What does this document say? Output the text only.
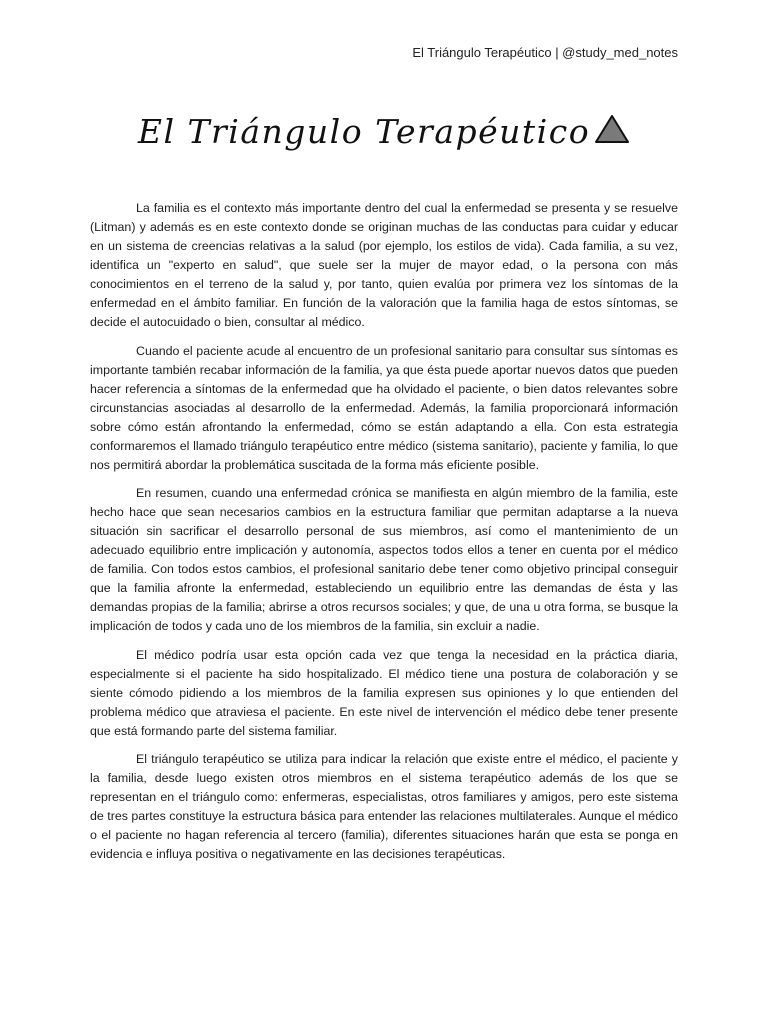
El Triángulo Terapéutico | @study_med_notes
El Triángulo Terapéutico

La familia es el contexto más importante dentro del cual la enfermedad se presenta y se resuelve (Litman) y además es en este contexto donde se originan muchas de las conductas para cuidar y educar en un sistema de creencias relativas a la salud (por ejemplo, los estilos de vida). Cada familia, a su vez, identifica un "experto en salud", que suele ser la mujer de mayor edad, o la persona con más conocimientos en el terreno de la salud y, por tanto, quien evalúa por primera vez los síntomas de la enfermedad en el ámbito familiar. En función de la valoración que la familia haga de estos síntomas, se decide el autocuidado o bien, consultar al médico.

Cuando el paciente acude al encuentro de un profesional sanitario para consultar sus síntomas es importante también recabar información de la familia, ya que ésta puede aportar nuevos datos que pueden hacer referencia a síntomas de la enfermedad que ha olvidado el paciente, o bien datos relevantes sobre circunstancias asociadas al desarrollo de la enfermedad. Además, la familia proporcionará información sobre cómo están afrontando la enfermedad, cómo se están adaptando a ella. Con esta estrategia conformaremos el llamado triángulo terapéutico entre médico (sistema sanitario), paciente y familia, lo que nos permitirá abordar la problemática suscitada de la forma más eficiente posible.

En resumen, cuando una enfermedad crónica se manifiesta en algún miembro de la familia, este hecho hace que sean necesarios cambios en la estructura familiar que permitan adaptarse a la nueva situación sin sacrificar el desarrollo personal de sus miembros, así como el mantenimiento de un adecuado equilibrio entre implicación y autonomía, aspectos todos ellos a tener en cuenta por el médico de familia. Con todos estos cambios, el profesional sanitario debe tener como objetivo principal conseguir que la familia afronte la enfermedad, estableciendo un equilibrio entre las demandas de ésta y las demandas propias de la familia; abrirse a otros recursos sociales; y que, de una u otra forma, se busque la implicación de todos y cada uno de los miembros de la familia, sin excluir a nadie.

El médico podría usar esta opción cada vez que tenga la necesidad en la práctica diaria, especialmente si el paciente ha sido hospitalizado. El médico tiene una postura de colaboración y se siente cómodo pidiendo a los miembros de la familia expresen sus opiniones y lo que entienden del problema médico que atraviesa el paciente. En este nivel de intervención el médico debe tener presente que está formando parte del sistema familiar.

El triángulo terapéutico se utiliza para indicar la relación que existe entre el médico, el paciente y la familia, desde luego existen otros miembros en el sistema terapéutico además de los que se representan en el triángulo como: enfermeras, especialistas, otros familiares y amigos, pero este sistema de tres partes constituye la estructura básica para entender las relaciones multilaterales. Aunque el médico o el paciente no hagan referencia al tercero (familia), diferentes situaciones harán que esta se ponga en evidencia e influya positiva o negativamente en las decisiones terapéuticas.
